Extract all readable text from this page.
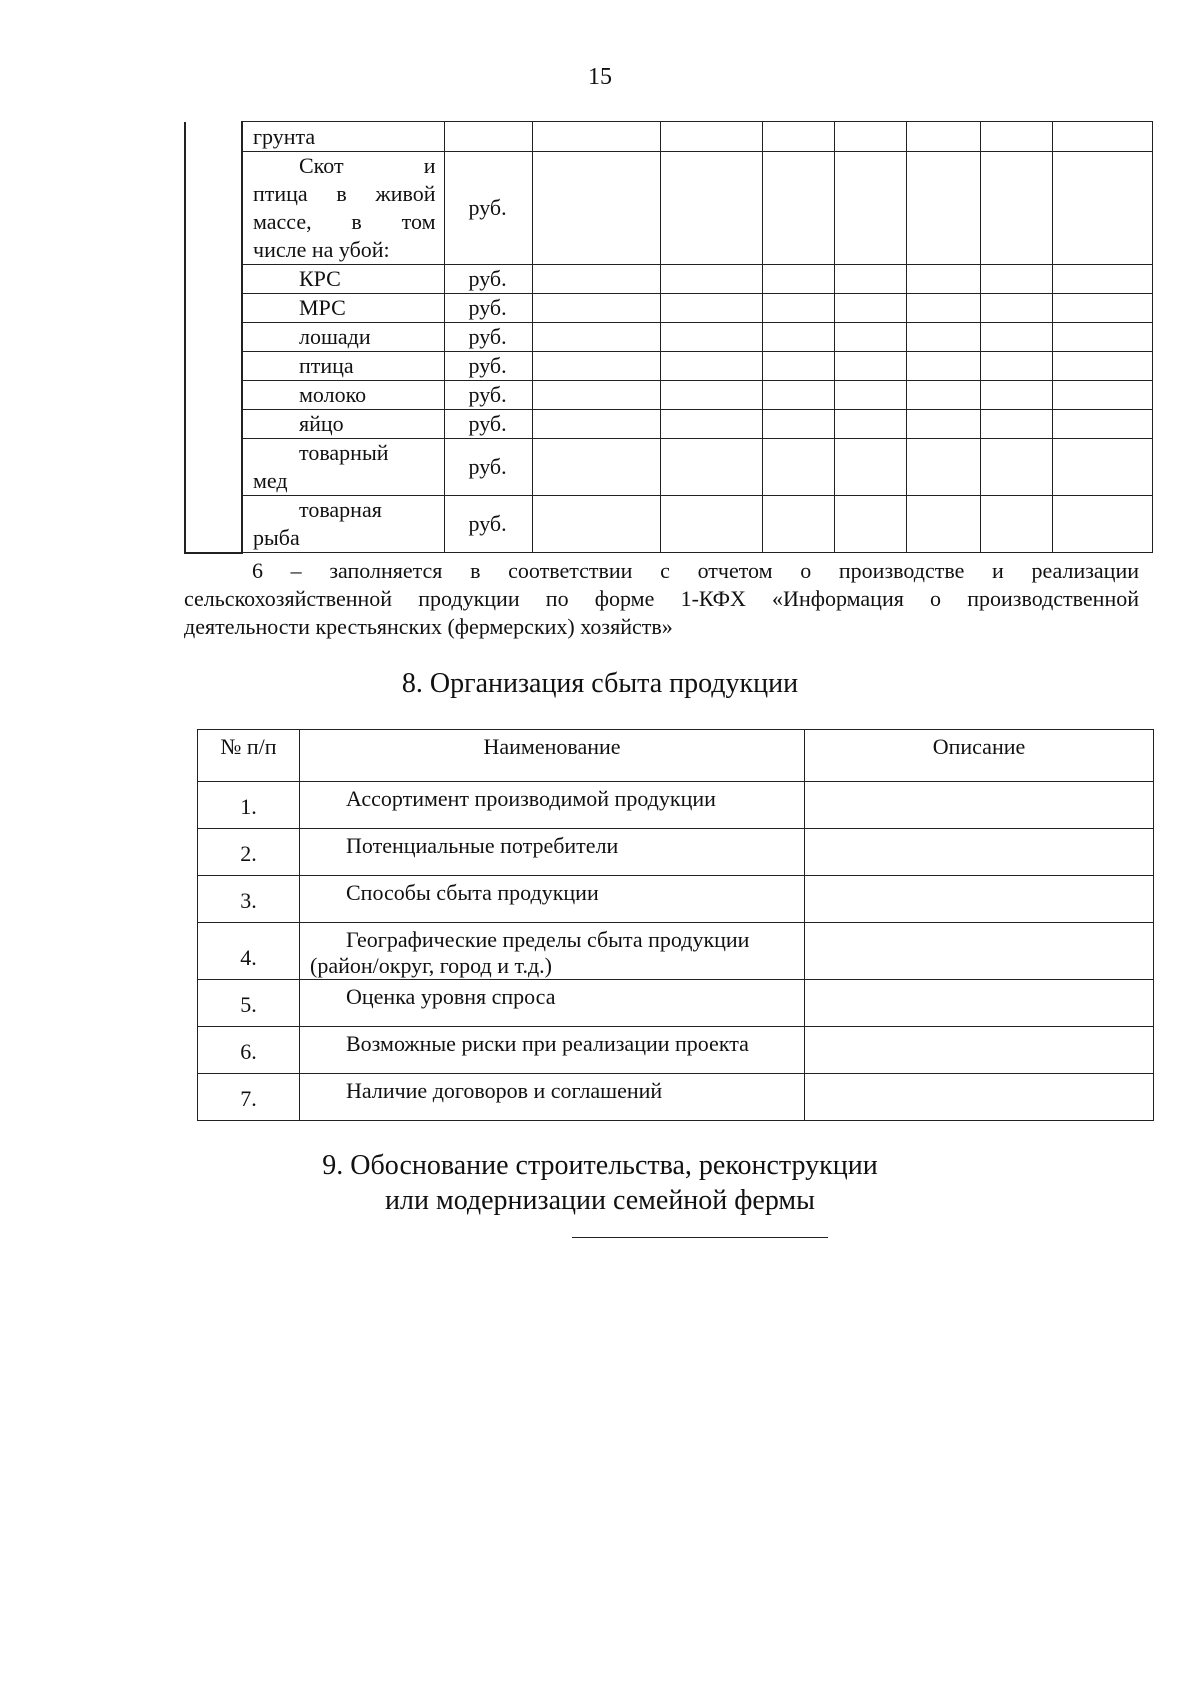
15
	грунта								

	Скот и
птица в живой
массе, в том
числе на убой:	руб.							
	КРС	руб.							
	МРС	руб.							
	лошади	руб.							
	птица	руб.							
	молоко	руб.							
	яйцо	руб.							

	товарный
мед	руб.							

	товарная
рыба	руб.							
6 – заполняется в соответствии с отчетом о производстве и реализации
сельскохозяйственной продукции по форме 1-КФХ «Информация о производственной
деятельности крестьянских (фермерских) хозяйств»
8. Организация сбыта продукции
№ п/п	Наименование	Описание
1.	Ассортимент производимой продукции	

2.	Потенциальные потребители	

3.	Способы сбыта продукции	

4.	Географические пределы сбыта продукции
(район/округ, город и т.д.)	

5.	Оценка уровня спроса	

6.	Возможные риски при реализации проекта	

7.	Наличие договоров и соглашений	

9. Обоснование строительства, реконструкции
или модернизации семейной фермы
